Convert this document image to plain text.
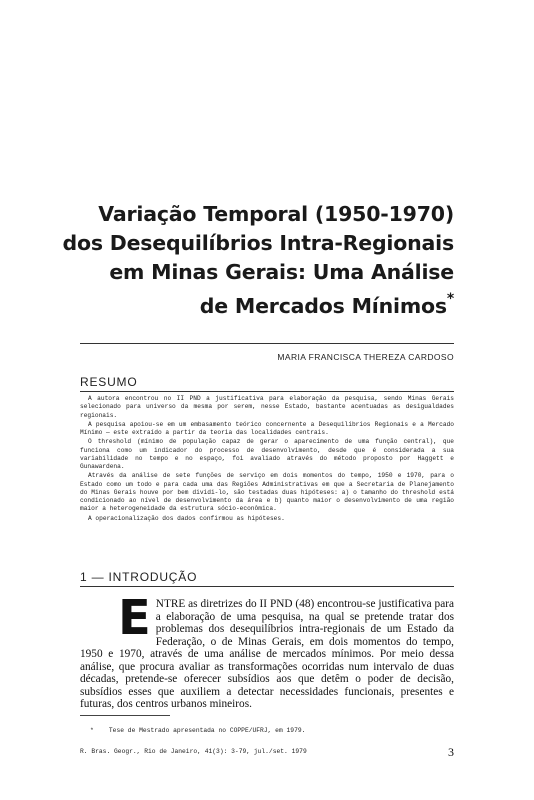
Variação Temporal (1950-1970)
dos Desequilíbrios Intra-Regionais
em Minas Gerais: Uma Análise
de Mercados Mínimos*
MARIA FRANCISCA THEREZA CARDOSO
RESUMO

A autora encontrou no II PND a justificativa para elaboração da pesquisa, sendo Minas Gerais selecionado para universo da mesma por serem, nesse Estado, bastante acentuadas as desigualdades regionais.

A pesquisa apoiou-se em um embasamento teórico concernente a Desequilíbrios Regionais e a Mercado Mínimo — este extraído a partir da teoria das localidades centrais.

O threshold (mínimo de população capaz de gerar o aparecimento de uma função central), que funciona como um indicador do processo de desenvolvimento, desde que é considerada a sua variabilidade no tempo e no espaço, foi avaliado através do método proposto por Haggett e Gunawardena.

Através da análise de sete funções de serviço em dois momentos do tempo, 1950 e 1970, para o Estado como um todo e para cada uma das Regiões Administrativas em que a Secretaria de Planejamento do Minas Gerais houve por bem dividi-lo, são testadas duas hipóteses: a) o tamanho do threshold está condicionado ao nível de desenvolvimento da área e b) quanto maior o desenvolvimento de uma região maior a heterogeneidade da estrutura sócio-econômica.

A operacionalização dos dados confirmou as hipóteses.

1 — INTRODUÇÃO
E NTRE as diretrizes do II PND (48) encontrou-se justificativa para a elaboração de uma pesquisa, na qual se pretende tratar dos problemas dos desequilíbrios intra-regionais de um Estado da Federação, o de Minas Gerais, em dois momentos do tempo, 1950 e 1970, através de uma análise de mercados mínimos. Por meio dessa análise, que procura avaliar as transformações ocorridas num intervalo de duas décadas, pretende-se oferecer subsídios aos que detêm o poder de decisão, subsídios esses que auxiliem a detectar necessidades funcionais, presentes e futuras, dos centros urbanos mineiros.
* Tese de Mestrado apresentada no COPPE/UFRJ, em 1979.
R. Bras. Geogr., Rio de Janeiro, 41(3): 3-79, jul./set. 1979	3
